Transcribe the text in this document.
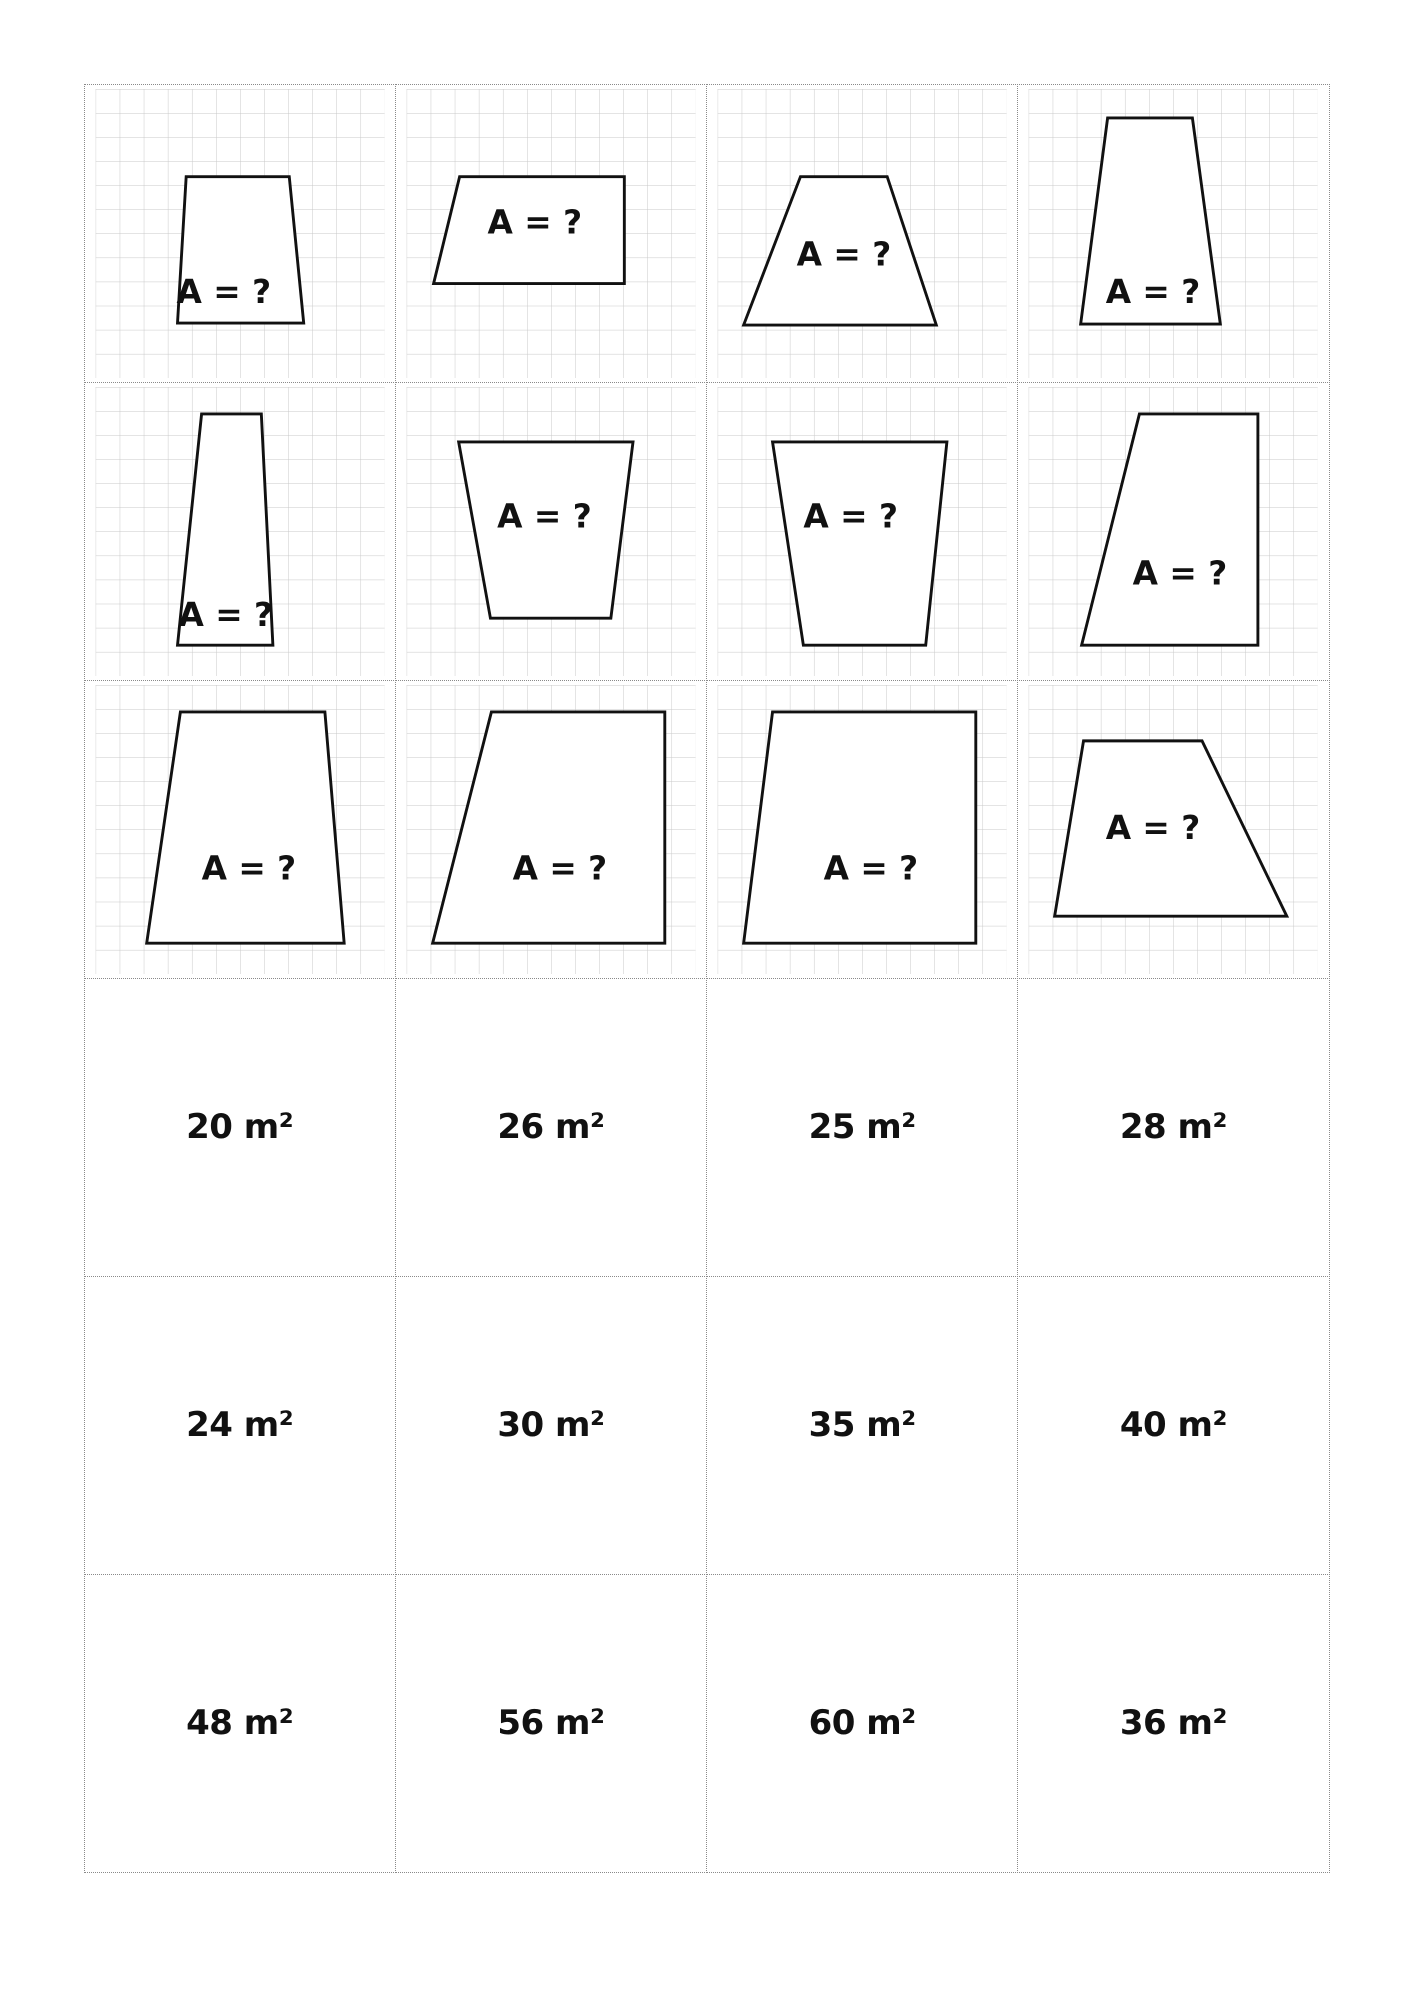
A = ?
A = ?
A = ?
A = ?
A = ?
A = ?	A = ?
A = ?
A = ?	A = ?	A = ?
A = ?
20 m²	26 m²	25 m²	28 m²
24 m²	30 m²	35 m²	40 m²
48 m²	56 m²	60 m²	36 m²
